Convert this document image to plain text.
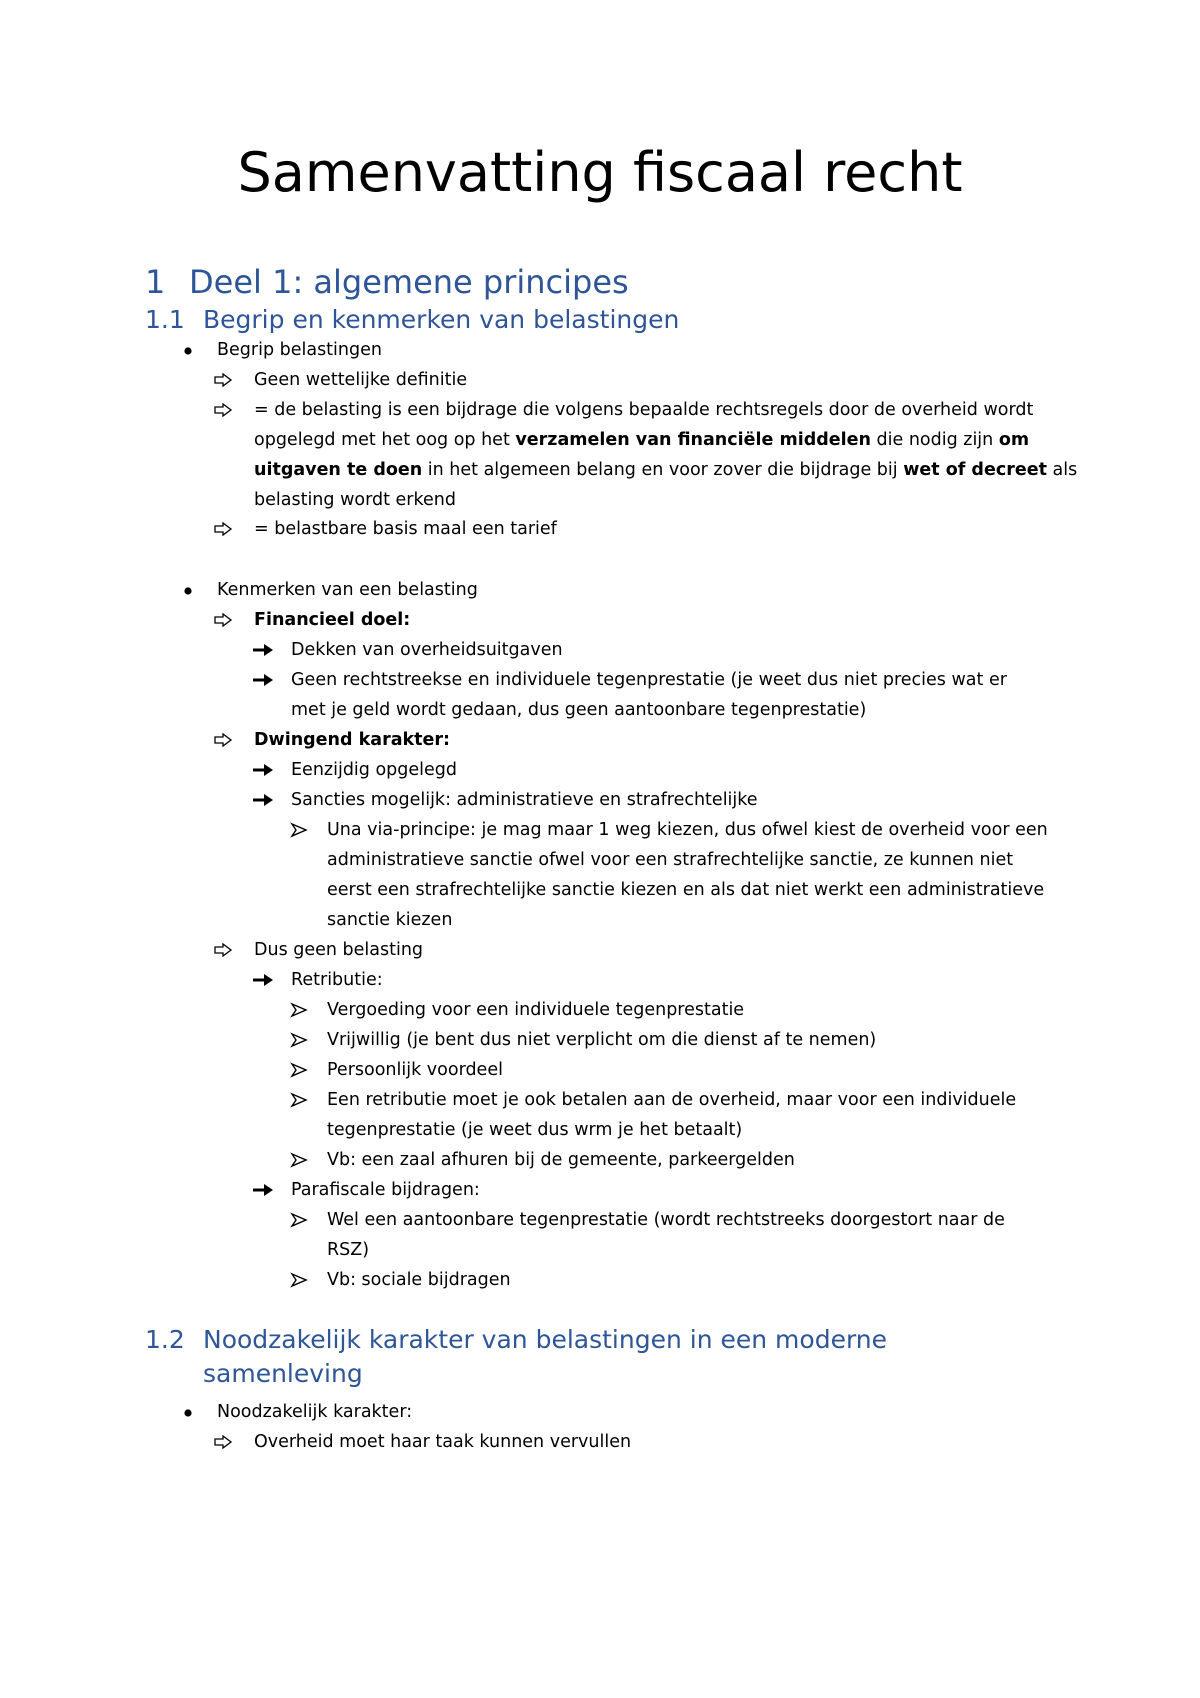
Samenvatting fiscaal recht
1 Deel 1: algemene principes
1.1 Begrip en kenmerken van belastingen
Begrip belastingen
Geen wettelijke definitie
= de belasting is een bijdrage die volgens bepaalde rechtsregels door de overheid wordt
opgelegd met het oog op het verzamelen van financiële middelen die nodig zijn om
uitgaven te doen in het algemeen belang en voor zover die bijdrage bij wet of decreet als
belasting wordt erkend
= belastbare basis maal een tarief
Kenmerken van een belasting
Financieel doel:
Dekken van overheidsuitgaven
Geen rechtstreekse en individuele tegenprestatie (je weet dus niet precies wat er
met je geld wordt gedaan, dus geen aantoonbare tegenprestatie)
Dwingend karakter:
Eenzijdig opgelegd
Sancties mogelijk: administratieve en strafrechtelijke
Una via-principe: je mag maar 1 weg kiezen, dus ofwel kiest de overheid voor een
administratieve sanctie ofwel voor een strafrechtelijke sanctie, ze kunnen niet
eerst een strafrechtelijke sanctie kiezen en als dat niet werkt een administratieve
sanctie kiezen
Dus geen belasting
Retributie:
Vergoeding voor een individuele tegenprestatie
Vrijwillig (je bent dus niet verplicht om die dienst af te nemen)
Persoonlijk voordeel
Een retributie moet je ook betalen aan de overheid, maar voor een individuele
tegenprestatie (je weet dus wrm je het betaalt)
Vb: een zaal afhuren bij de gemeente, parkeergelden
Parafiscale bijdragen:
Wel een aantoonbare tegenprestatie (wordt rechtstreeks doorgestort naar de
RSZ)
Vb: sociale bijdragen
1.2 Noodzakelijk karakter van belastingen in een moderne
samenleving
Noodzakelijk karakter:
Overheid moet haar taak kunnen vervullen
